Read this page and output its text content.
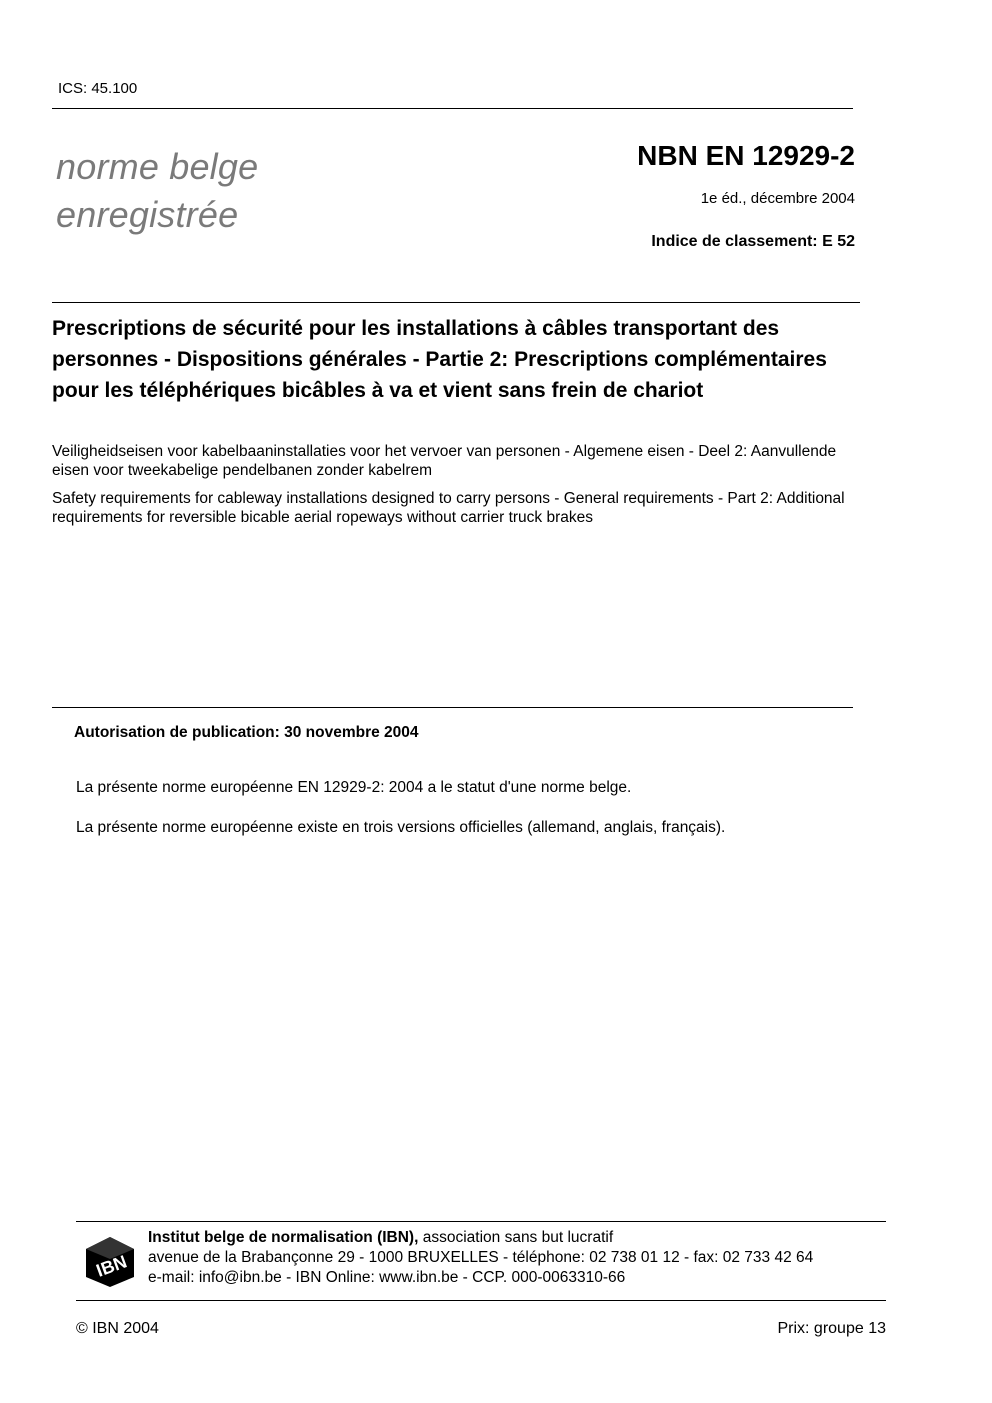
ICS: 45.100
norme belge
enregistrée
NBN EN 12929-2
1e éd., décembre 2004
Indice de classement: E 52
Prescriptions de sécurité pour les installations à câbles transportant des personnes - Dispositions générales - Partie 2: Prescriptions complémentaires pour les téléphériques bicâbles à va et vient sans frein de chariot
Veiligheidseisen voor kabelbaaninstallaties voor het vervoer van personen - Algemene eisen - Deel 2: Aanvullende eisen voor tweekabelige pendelbanen zonder kabelrem
Safety requirements for cableway installations designed to carry persons - General requirements - Part 2: Additional requirements for reversible bicable aerial ropeways without carrier truck brakes
Autorisation de publication: 30 novembre 2004
La présente norme européenne EN 12929-2: 2004 a le statut d'une norme belge.
La présente norme européenne existe en trois versions officielles (allemand, anglais, français).
IBN
Institut belge de normalisation (IBN), association sans but lucratif
avenue de la Brabançonne 29 - 1000 BRUXELLES - téléphone: 02 738 01 12 - fax: 02 733 42 64
e-mail: info@ibn.be - IBN Online: www.ibn.be - CCP. 000-0063310-66
© IBN 2004	Prix: groupe 13
